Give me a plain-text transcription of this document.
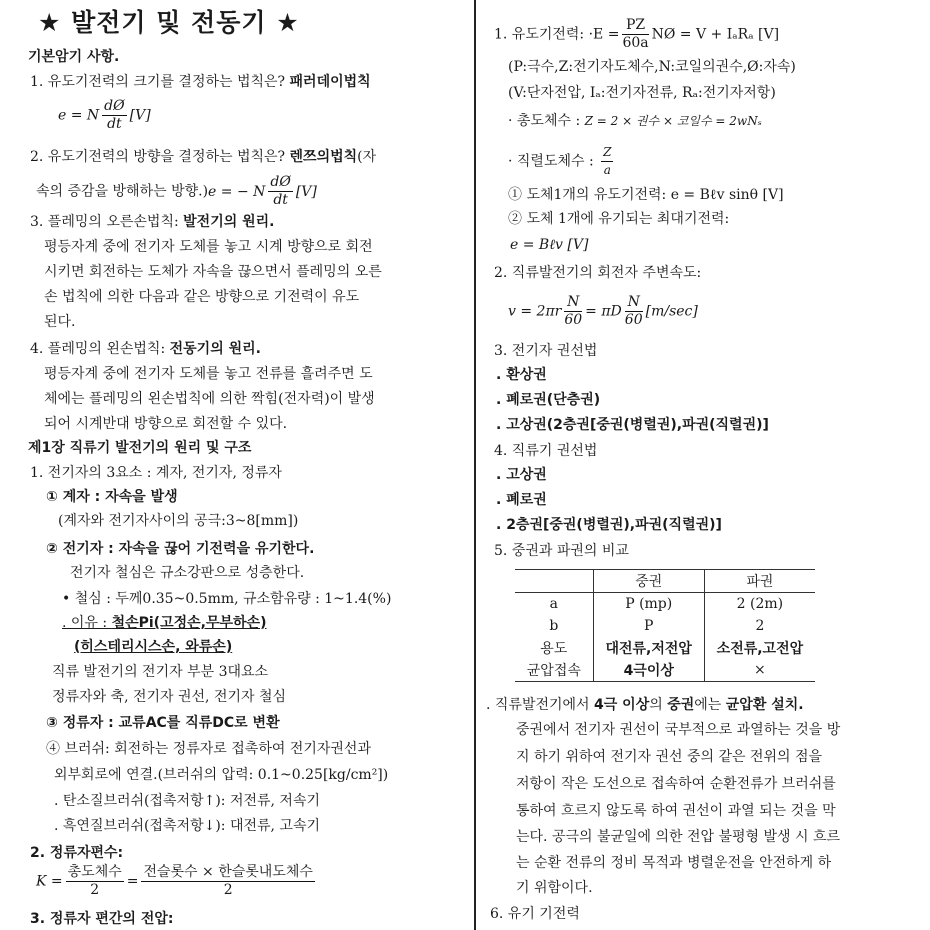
★ 발전기 및 전동기 ★
기본암기 사항.
1. 유도기전력의 크기를 결정하는 법칙은? 패러데이법칙
e = N $\frac{dØ}{dt} [V]$
2. 유도기전력의 방향을 결정하는 법칙은? 렌쯔의법칙(자
속의 증감을 방해하는 방향.)e = − N $\frac{dØ}{dt} [V]$
3. 플레밍의 오른손법칙: 발전기의 원리.
평등자계 중에 전기자 도체를 놓고 시계 방향으로 회전
시키면 회전하는 도체가 자속을 끊으면서 플레밍의 오른
손 법칙에 의한 다음과 같은 방향으로 기전력이 유도
된다.
4. 플레밍의 왼손법칙: 전동기의 원리.
평등자계 중에 전기자 도체를 놓고 전류를 흘려주면 도
체에는 플레밍의 왼손법칙에 의한 짝힘(전자력)이 발생
되어 시계반대 방향으로 회전할 수 있다.
제1장 직류기 발전기의 원리 및 구조
1. 전기자의 3요소 : 계자, 전기자, 정류자
① 계자 : 자속을 발생
(계자와 전기자사이의 공극:3~8[mm])
② 전기자 : 자속을 끊어 기전력을 유기한다.
전기자 철심은 규소강판으로 성층한다.
• 철심 : 두께0.35~0.5mm, 규소함유량 : 1~1.4(%)
. 이유 : 철손Pi(고정손,무부하손)
(히스테리시스손, 와류손)
직류 발전기의 전기자 부분 3대요소
정류자와 축, 전기자 권선, 전기자 철심
③ 정류자 : 교류AC를 직류DC로 변환
④ 브러쉬: 회전하는 정류자로 접촉하여 전기자권선과
외부회로에 연결.(브러쉬의 압력: 0.1~0.25[kg/cm²])
. 탄소질브러쉬(접촉저항↑): 저전류, 저속기
. 흑연질브러쉬(접촉저항↓): 대전류, 고속기
2. 정류자편수:
$K = \frac{\text{총도체수}}{2} = \frac{\text{전슬롯수 × 한슬롯내도체수}}{2}$
3. 정류자 편간의 전압:
1. 유도기전력: $\cdot E = \frac{PZ}{60a}$ NØ = V + IₐRₐ [V]
(P:극수,Z:전기자도체수,N:코일의권수,Ø:자속)
(V:단자전압, Iₐ:전기자전류, Rₐ:전기자저항)
· 총도체수 : Z = 2 × 권수 × 코일수 = 2wNₛ
· 직렬도체수 : $\frac{Z}{a}$
① 도체1개의 유도기전력: e = Bℓv sinθ [V]
② 도체 1개에 유기되는 최대기전력:
e = Bℓv [V]
2. 직류발전기의 회전자 주변속도:
$v = 2\pi r \frac{N}{60} = \pi D \frac{N}{60} [m/\sec]$
3. 전기자 권선법
. 환상권
. 폐로권(단층권)
. 고상권(2층권[중권(병렬권),파권(직렬권)]
4. 직류기 권선법
. 고상권
. 폐로권
. 2층권[중권(병렬권),파권(직렬권)]
5. 중권과 파권의 비교
	중권	파권
a	P (mp)	2 (2m)
b	P	2
용도	대전류,저전압	소전류,고전압
균압접속	4극이상	×
. 직류발전기에서 4극 이상의 중권에는 균압환 설치.
중권에서 전기자 권선이 국부적으로 과열하는 것을 방
지 하기 위하여 전기자 권선 중의 같은 전위의 점을
저항이 작은 도선으로 접속하여 순환전류가 브러쉬를
통하여 흐르지 않도록 하여 권선이 과열 되는 것을 막
는다. 공극의 불균일에 의한 전압 불평형 발생 시 흐르
는 순환 전류의 정비 목적과 병렬운전을 안전하게 하
기 위함이다.
6. 유기 기전력
